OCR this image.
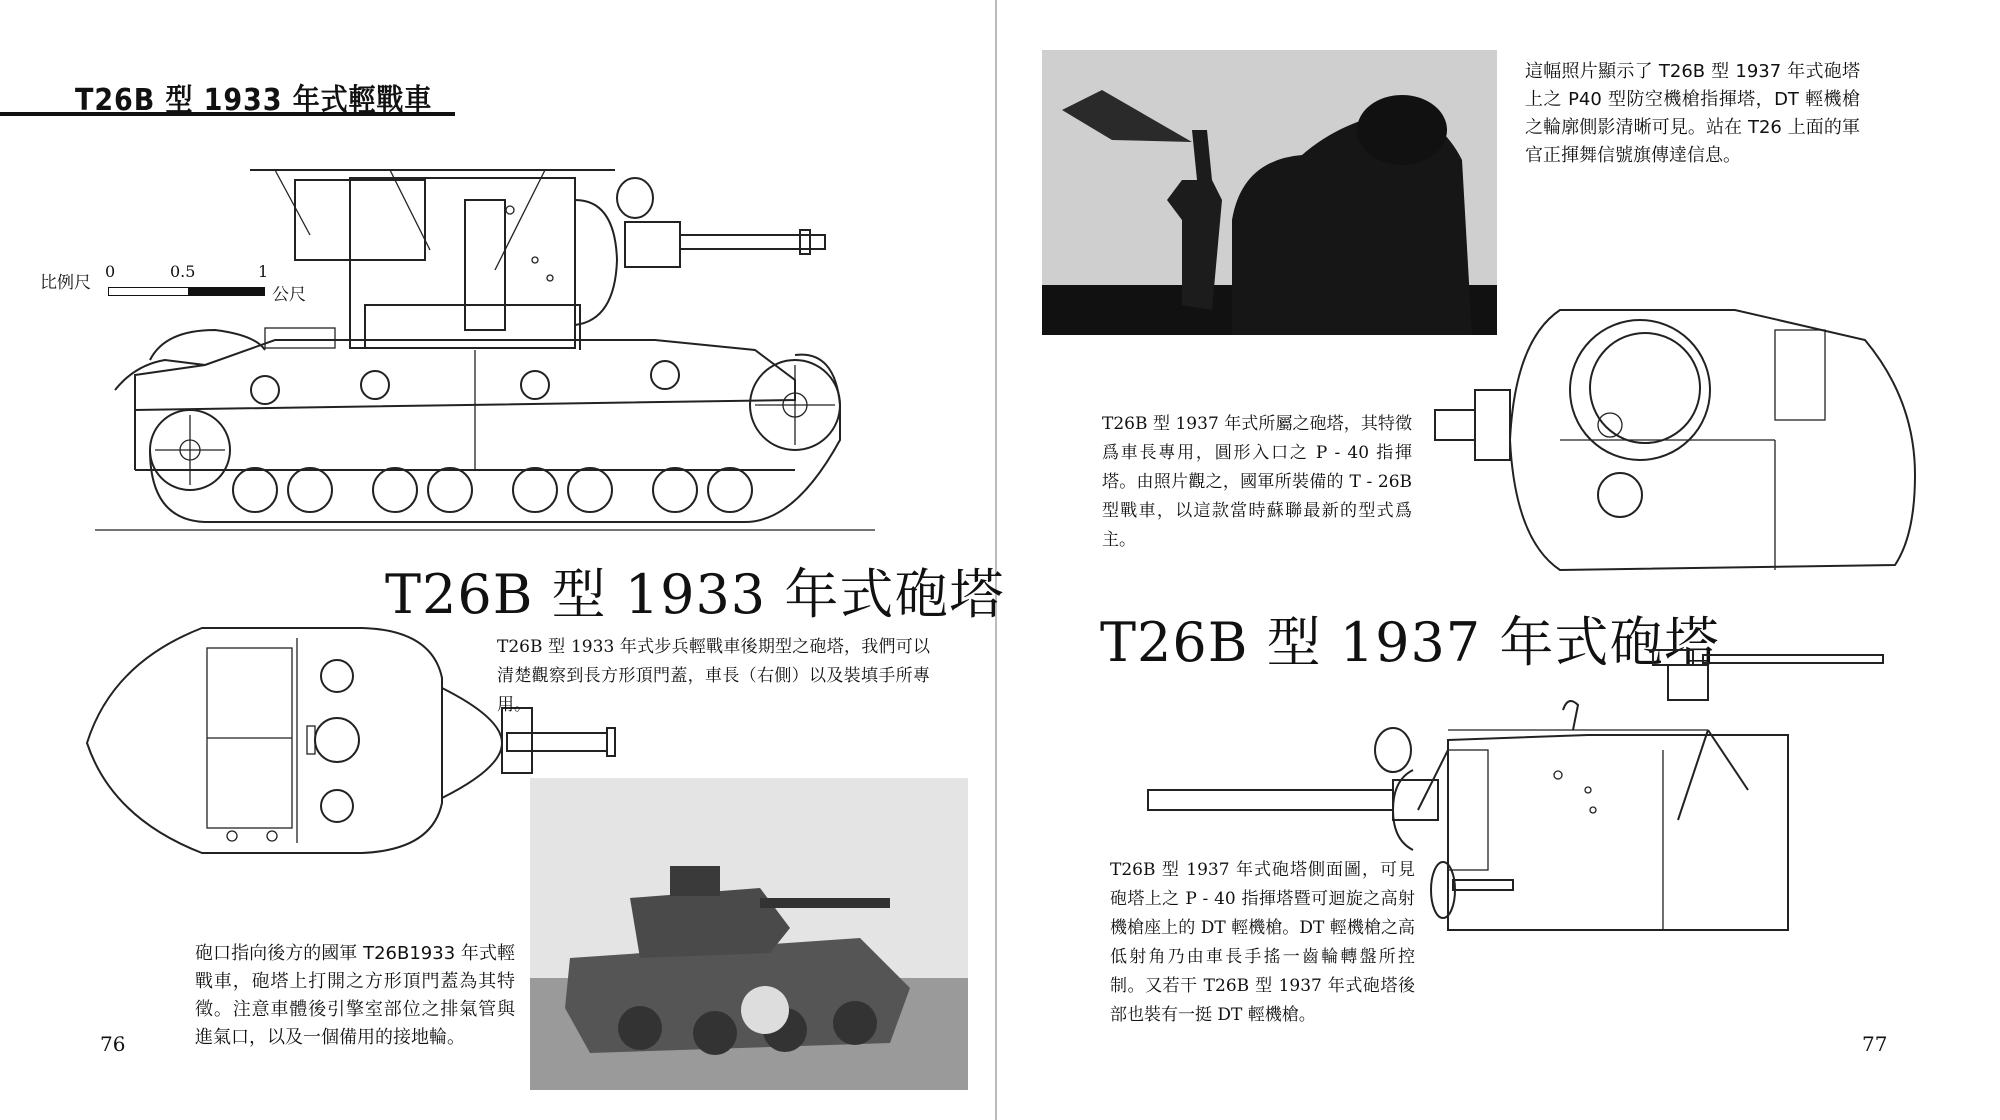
T26B 型 1933 年式輕戰車
比例尺
0	0.5	1
公尺
T26B 型 1933 年式砲塔
T26B 型 1933 年式步兵輕戰車後期型之砲塔，我們可以清楚觀察到長方形頂門蓋，車長（右側）以及裝填手所專用。
砲口指向後方的國軍 T26B1933 年式輕戰車，砲塔上打開之方形頂門蓋為其特徵。注意車體後引擎室部位之排氣管與進氣口，以及一個備用的接地輪。
76
這幅照片顯示了 T26B 型 1937 年式砲塔上之 P40 型防空機槍指揮塔，DT 輕機槍之輪廓側影清晰可見。站在 T26 上面的軍官正揮舞信號旗傳達信息。
T26B 型 1937 年式所屬之砲塔，其特徵爲車長專用，圓形入口之 P - 40 指揮塔。由照片觀之，國軍所裝備的 T - 26B 型戰車，以這款當時蘇聯最新的型式爲主。
T26B 型 1937 年式砲塔
T26B 型 1937 年式砲塔側面圖，可見砲塔上之 P - 40 指揮塔暨可迴旋之高射機槍座上的 DT 輕機槍。DT 輕機槍之高低射角乃由車長手搖一齒輪轉盤所控制。又若干 T26B 型 1937 年式砲塔後部也裝有一挺 DT 輕機槍。
77
